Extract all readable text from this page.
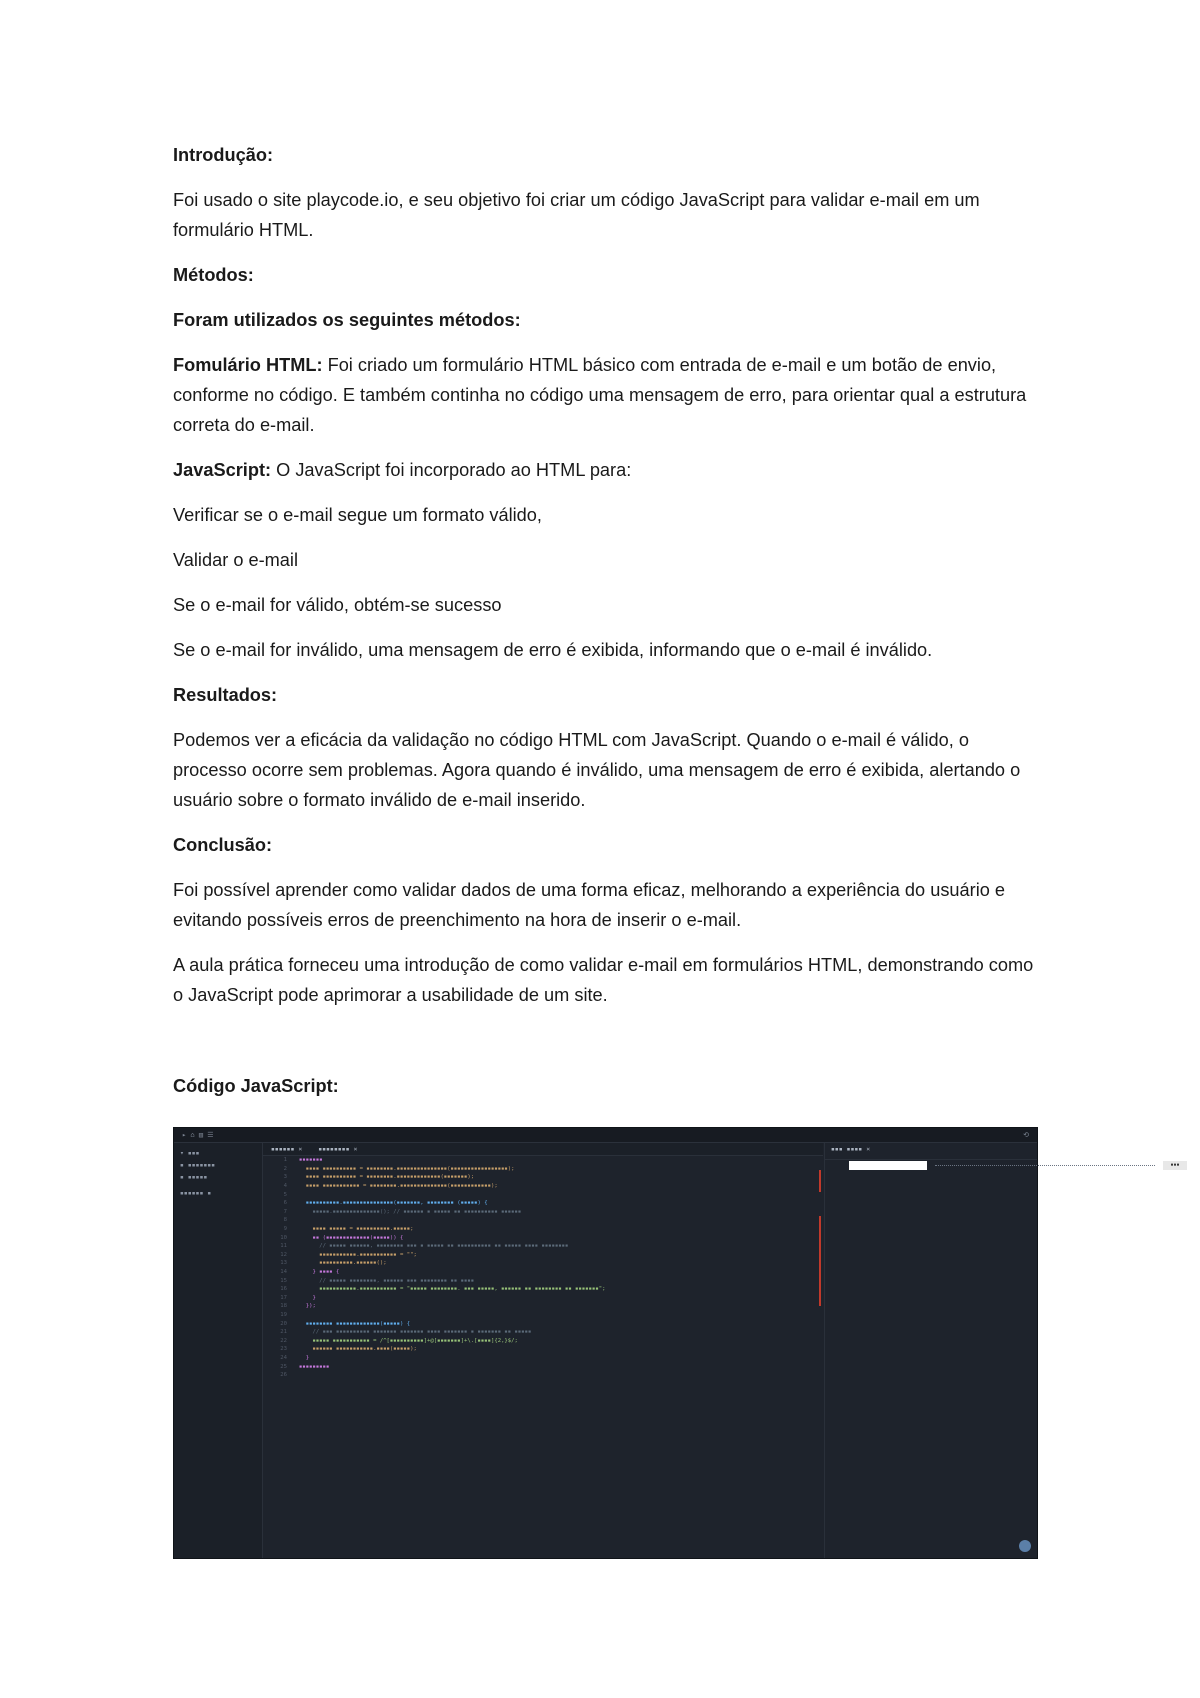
Introdução:

Foi usado o site playcode.io, e seu objetivo foi criar um código JavaScript para validar e-mail em um formulário HTML.

Métodos:

Foram utilizados os seguintes métodos:

Fomulário HTML: Foi criado um formulário HTML básico com entrada de e-mail e um botão de envio, conforme no código. E também continha no código uma mensagem de erro, para orientar qual a estrutura correta do e-mail.

JavaScript: O JavaScript foi incorporado ao HTML para:

Verificar se o e-mail segue um formato válido,

Validar o e-mail

Se o e-mail for válido, obtém-se sucesso

Se o e-mail for inválido, uma mensagem de erro é exibida, informando que o e-mail é inválido.

Resultados:

Podemos ver a eficácia da validação no código HTML com JavaScript. Quando o e-mail é válido, o processo ocorre sem problemas. Agora quando é inválido, uma mensagem de erro é exibida, alertando o usuário sobre o formato inválido de e-mail inserido.

Conclusão:

Foi possível aprender como validar dados de uma forma eficaz, melhorando a experiência do usuário e evitando possíveis erros de preenchimento na hora de inserir o e-mail.

A aula prática forneceu uma introdução de como validar e-mail em formulários HTML, demonstrando como o JavaScript pode aprimorar a usabilidade de um site.

Código JavaScript:

▸ ⌂ ▥ ☰	⟲
▾ ▪▪▪
▪ ▪▪▪▪▪▪▪
▪ ▪▪▪▪▪
▪▪▪▪▪▪ ▪
▪▪▪▪▪▪ ×	▪▪▪▪▪▪▪▪ ×
1	▪▪▪▪▪▪▪
2	▪▪▪▪ ▪▪▪▪▪▪▪▪▪▪ = ▪▪▪▪▪▪▪▪.▪▪▪▪▪▪▪▪▪▪▪▪▪▪▪(▪▪▪▪▪▪▪▪▪▪▪▪▪▪▪▪▪);
3	▪▪▪▪ ▪▪▪▪▪▪▪▪▪▪ = ▪▪▪▪▪▪▪▪.▪▪▪▪▪▪▪▪▪▪▪▪▪(▪▪▪▪▪▪▪);
4	▪▪▪▪ ▪▪▪▪▪▪▪▪▪▪▪ = ▪▪▪▪▪▪▪▪.▪▪▪▪▪▪▪▪▪▪▪▪▪▪(▪▪▪▪▪▪▪▪▪▪▪▪);
5
6	▪▪▪▪▪▪▪▪▪▪.▪▪▪▪▪▪▪▪▪▪▪▪▪▪▪(▪▪▪▪▪▪▪, ▪▪▪▪▪▪▪▪ (▪▪▪▪▪) {
7	▪▪▪▪▪.▪▪▪▪▪▪▪▪▪▪▪▪▪▪(); // ▪▪▪▪▪▪ ▪ ▪▪▪▪▪ ▪▪ ▪▪▪▪▪▪▪▪▪▪ ▪▪▪▪▪▪
8
9	▪▪▪▪ ▪▪▪▪▪ = ▪▪▪▪▪▪▪▪▪▪.▪▪▪▪▪;
10	▪▪ (▪▪▪▪▪▪▪▪▪▪▪▪▪(▪▪▪▪▪)) {
11	// ▪▪▪▪▪ ▪▪▪▪▪▪, ▪▪▪▪▪▪▪▪ ▪▪▪ ▪ ▪▪▪▪▪ ▪▪ ▪▪▪▪▪▪▪▪▪▪ ▪▪ ▪▪▪▪▪ ▪▪▪▪ ▪▪▪▪▪▪▪▪
12	▪▪▪▪▪▪▪▪▪▪▪.▪▪▪▪▪▪▪▪▪▪▪ = "";
13	▪▪▪▪▪▪▪▪▪▪.▪▪▪▪▪▪();
14	} ▪▪▪▪ {
15	// ▪▪▪▪▪ ▪▪▪▪▪▪▪▪, ▪▪▪▪▪▪ ▪▪▪ ▪▪▪▪▪▪▪▪ ▪▪ ▪▪▪▪
16	▪▪▪▪▪▪▪▪▪▪▪.▪▪▪▪▪▪▪▪▪▪▪ = "▪▪▪▪▪ ▪▪▪▪▪▪▪▪. ▪▪▪ ▪▪▪▪▪, ▪▪▪▪▪▪ ▪▪ ▪▪▪▪▪▪▪▪ ▪▪ ▪▪▪▪▪▪▪";
17	}
18	});
19
20	▪▪▪▪▪▪▪▪ ▪▪▪▪▪▪▪▪▪▪▪▪▪(▪▪▪▪▪) {
21	// ▪▪▪ ▪▪▪▪▪▪▪▪▪▪ ▪▪▪▪▪▪▪ ▪▪▪▪▪▪▪ ▪▪▪▪ ▪▪▪▪▪▪▪ ▪ ▪▪▪▪▪▪▪ ▪▪ ▪▪▪▪▪
22	▪▪▪▪▪ ▪▪▪▪▪▪▪▪▪▪▪ = /^[▪▪▪▪▪▪▪▪▪▪]+@[▪▪▪▪▪▪▪]+\.[▪▪▪▪]{2,}$/;
23	▪▪▪▪▪▪ ▪▪▪▪▪▪▪▪▪▪▪.▪▪▪▪(▪▪▪▪▪);
24	}
25	▪▪▪▪▪▪▪▪▪
26
▪▪▪ ▪▪▪▪ ×
▪▪▪
